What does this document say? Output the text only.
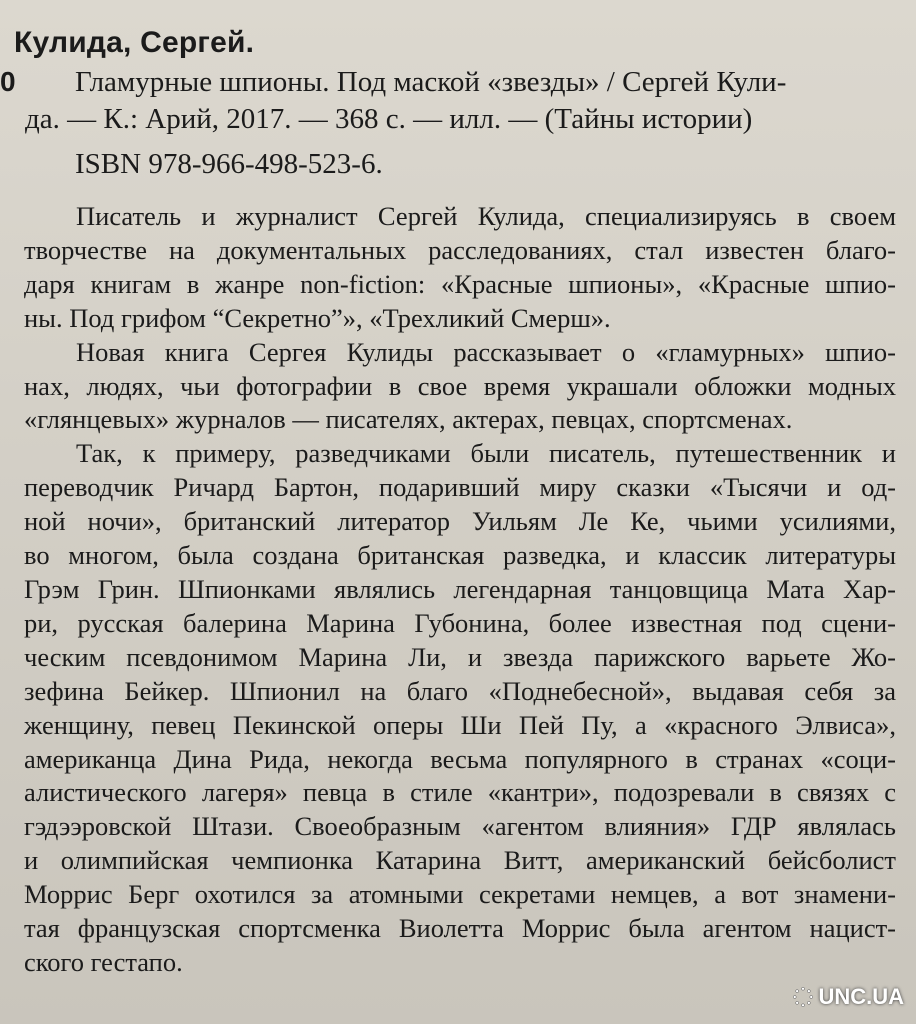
Кулида, Сергей.
0 Гламурные шпионы. Под маской «звезды» / Сергей Кули-
да. — К.: Арий, 2017. — 368 с. — илл. — (Тайны истории)
ISBN 978-966-498-523-6.
Писатель и журналист Сергей Кулида, специализируясь в своем
творчестве на документальных расследованиях, стал известен благо-
даря книгам в жанре non-fiction: «Красные шпионы», «Красные шпио-
ны. Под грифом “Секретно”», «Трехликий Смерш».
Новая книга Сергея Кулиды рассказывает о «гламурных» шпио-
нах, людях, чьи фотографии в свое время украшали обложки модных
«глянцевых» журналов — писателях, актерах, певцах, спортсменах.
Так, к примеру, разведчиками были писатель, путешественник и
переводчик Ричард Бартон, подаривший миру сказки «Тысячи и од-
ной ночи», британский литератор Уильям Ле Ке, чьими усилиями,
во многом, была создана британская разведка, и классик литературы
Грэм Грин. Шпионками являлись легендарная танцовщица Мата Хар-
ри, русская балерина Марина Губонина, более известная под сцени-
ческим псевдонимом Марина Ли, и звезда парижского варьете Жо-
зефина Бейкер. Шпионил на благо «Поднебесной», выдавая себя за
женщину, певец Пекинской оперы Ши Пей Пу, а «красного Элвиса»,
американца Дина Рида, некогда весьма популярного в странах «соци-
алистического лагеря» певца в стиле «кантри», подозревали в связях с
гэдээровской Штази. Своеобразным «агентом влияния» ГДР являлась
и олимпийская чемпионка Катарина Витт, американский бейсболист
Моррис Берг охотился за атомными секретами немцев, а вот знамени-
тая французская спортсменка Виолетта Моррис была агентом нацист-
ского гестапо.
UNC.UA
